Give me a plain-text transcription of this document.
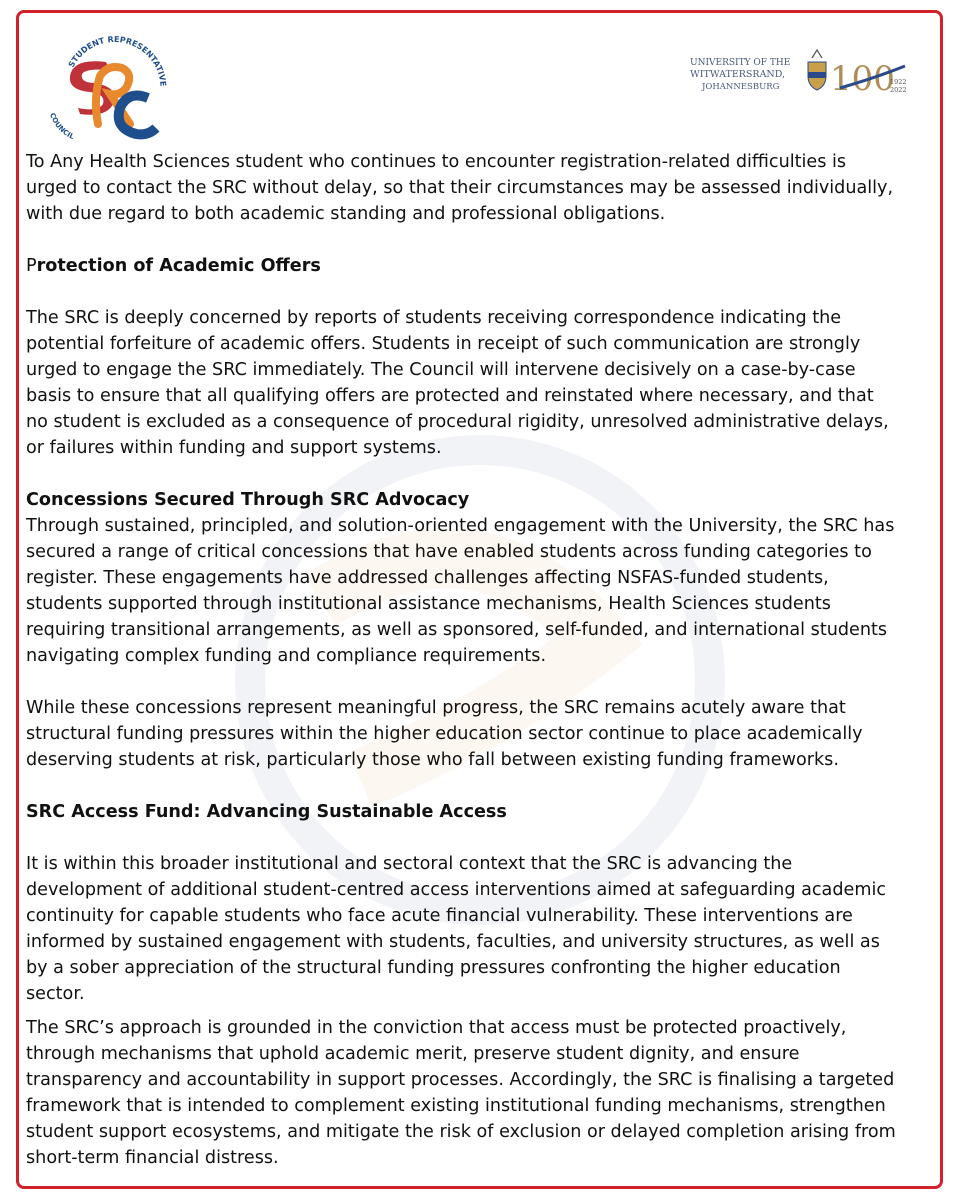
STUDENT REPRESENTATIVE
COUNCIL
UNIVERSITY OF THE
WITWATERSRAND,
JOHANNESBURG 100
1922
2022

To Any Health Sciences student who continues to encounter registration-related difficulties is
urged to contact the SRC without delay, so that their circumstances may be assessed individually,
with due regard to both academic standing and professional obligations.

Protection of Academic Offers

The SRC is deeply concerned by reports of students receiving correspondence indicating the
potential forfeiture of academic offers. Students in receipt of such communication are strongly
urged to engage the SRC immediately. The Council will intervene decisively on a case-by-case
basis to ensure that all qualifying offers are protected and reinstated where necessary, and that
no student is excluded as a consequence of procedural rigidity, unresolved administrative delays,
or failures within funding and support systems.

Concessions Secured Through SRC Advocacy

Through sustained, principled, and solution-oriented engagement with the University, the SRC has
secured a range of critical concessions that have enabled students across funding categories to
register. These engagements have addressed challenges affecting NSFAS-funded students,
students supported through institutional assistance mechanisms, Health Sciences students
requiring transitional arrangements, as well as sponsored, self-funded, and international students
navigating complex funding and compliance requirements.

While these concessions represent meaningful progress, the SRC remains acutely aware that
structural funding pressures within the higher education sector continue to place academically
deserving students at risk, particularly those who fall between existing funding frameworks.

SRC Access Fund: Advancing Sustainable Access

It is within this broader institutional and sectoral context that the SRC is advancing the
development of additional student-centred access interventions aimed at safeguarding academic
continuity for capable students who face acute financial vulnerability. These interventions are
informed by sustained engagement with students, faculties, and university structures, as well as
by a sober appreciation of the structural funding pressures confronting the higher education
sector.

The SRC’s approach is grounded in the conviction that access must be protected proactively,
through mechanisms that uphold academic merit, preserve student dignity, and ensure
transparency and accountability in support processes. Accordingly, the SRC is finalising a targeted
framework that is intended to complement existing institutional funding mechanisms, strengthen
student support ecosystems, and mitigate the risk of exclusion or delayed completion arising from
short-term financial distress.
